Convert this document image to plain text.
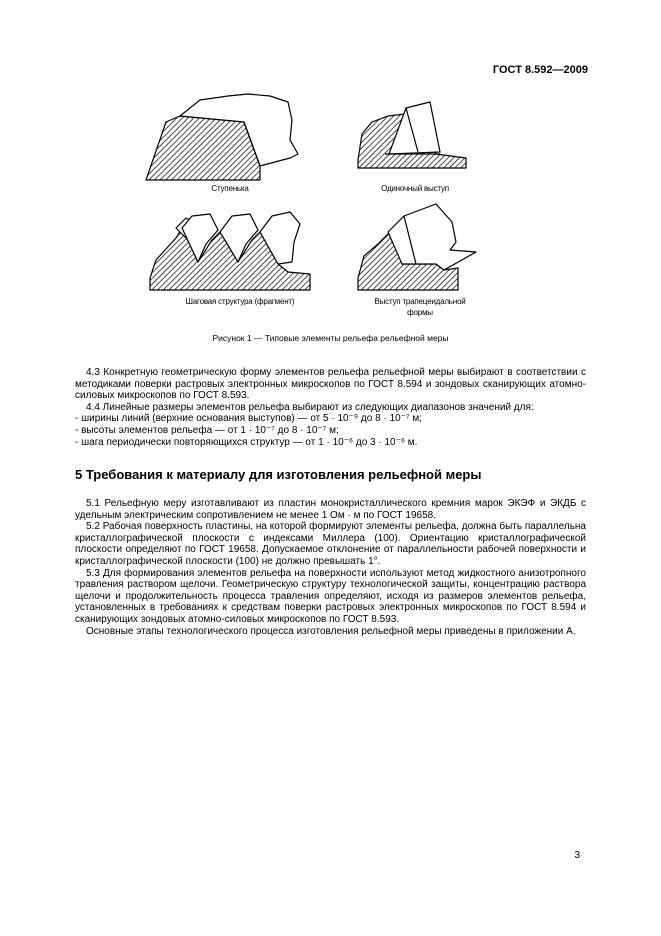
ГОСТ 8.592—2009
Ступенька	Одиночный выступ
Шаговая структура (фрагмент)	Выступ трапецеидальной
формы
Рисунок 1 — Типовые элементы рельефа рельефной меры

4.3 Конкретную геометрическую форму элементов рельефа рельефной меры выбирают в соответствии с методиками поверки растровых электронных микроскопов по ГОСТ 8.594 и зондовых сканирующих атомно-силовых микроскопов по ГОСТ 8.593.

4.4 Линейные размеры элементов рельефа выбирают из следующих диапазонов значений для:

- ширины линий (верхние основания выступов) — от 5 · 10⁻⁹ до 8 · 10⁻⁷ м;

- высоты элементов рельефа — от 1 · 10⁻⁷ до 8 · 10⁻⁷ м;

- шага периодически повторяющихся структур — от 1 · 10⁻⁶ до 3 · 10⁻⁶ м.

5 Требования к материалу для изготовления рельефной меры

5.1 Рельефную меру изготавливают из пластин монокристаллического кремния марок ЭКЭФ и ЭКДБ с удельным электрическим сопротивлением не менее 1 Ом · м по ГОСТ 19658.

5.2 Рабочая поверхность пластины, на которой формируют элементы рельефа, должна быть параллельна кристаллографической плоскости с индексами Миллера (100). Ориентацию кристаллографической плоскости определяют по ГОСТ 19658. Допускаемое отклонение от параллельности рабочей поверхности и кристаллографической плоскости (100) не должно превышать 1°.

5.3 Для формирования элементов рельефа на поверхности используют метод жидкостного анизотропного травления раствором щелочи. Геометрическую структуру технологической защиты, концентрацию раствора щелочи и продолжительность процесса травления определяют, исходя из размеров элементов рельефа, установленных в требованиях к средствам поверки растровых электронных микроскопов по ГОСТ 8.594 и сканирующих зондовых атомно-силовых микроскопов по ГОСТ 8.593.

Основные этапы технологического процесса изготовления рельефной меры приведены в приложении А.

3
